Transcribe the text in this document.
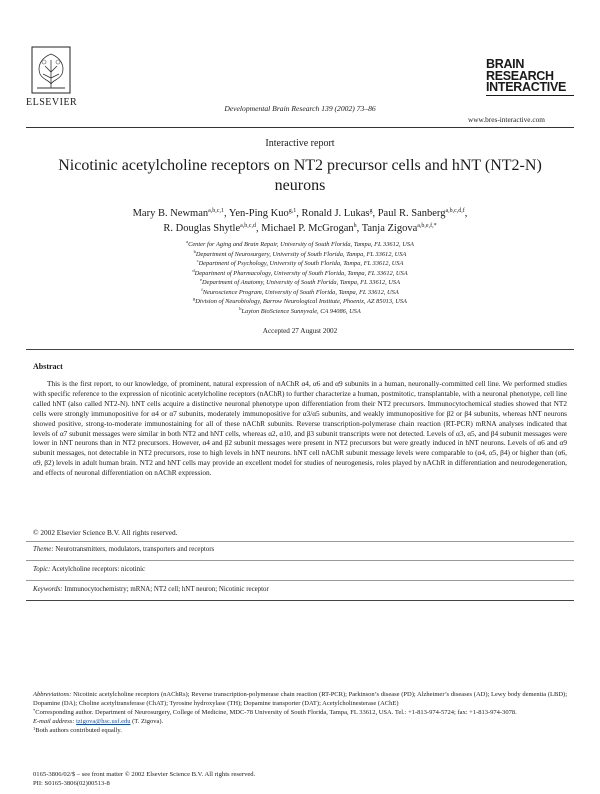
ELSEVIER
Developmental Brain Research 139 (2002) 73–86
BRAIN
RESEARCH
INTERACTIVE
www.bres-interactive.com
Interactive report
Nicotinic acetylcholine receptors on NT2 precursor cells and hNT (NT2-N) neurons
Mary B. Newman$^{a,b,c,1}$, Yen-Ping Kuo$^{g,1}$, Ronald J. Lukas$^g$, Paul R. Sanberg$^{a,b,c,d,f}$,
R. Douglas Shytle$^{a,b,c,d}$, Michael P. McGrogan$^h$, Tanja Zigova$^{a,b,e,f,*}$
$^a$Center for Aging and Brain Repair, University of South Florida, Tampa, FL 33612, USA
$^b$Department of Neurosurgery, University of South Florida, Tampa, FL 33612, USA
$^c$Department of Psychology, University of South Florida, Tampa, FL 33612, USA
$^d$Department of Pharmacology, University of South Florida, Tampa, FL 33612, USA
$^e$Department of Anatomy, University of South Florida, Tampa, FL 33612, USA
$^f$Neuroscience Program, University of South Florida, Tampa, FL 33612, USA
$^g$Division of Neurobiology, Barrow Neurological Institute, Phoenix, AZ 85013, USA
$^h$Layton BioScience Sunnyvale, CA 94086, USA
Accepted 27 August 2002
Abstract
This is the first report, to our knowledge, of prominent, natural expression of nAChR α4, α6 and α9 subunits in a human, neuronally-committed cell line. We performed studies with specific reference to the expression of nicotinic acetylcholine receptors (nAChR) to further characterize a human, postmitotic, transplantable, with a neuronal phenotype, cell line called hNT (also called NT2-N). hNT cells acquire a distinctive neuronal phenotype upon differentiation from their NT2 precursors. Immunocytochemical studies showed that NT2 cells were strongly immunopositive for α4 or α7 subunits, moderately immunopositive for α3/α5 subunits, and weakly immunopositive for β2 or β4 subunits, whereas hNT neurons showed positive, strong-to-moderate immunostaining for all of these nAChR subunits. Reverse transcription-polymerase chain reaction (RT-PCR) mRNA analyses indicated that levels of α7 subunit messages were similar in both NT2 and hNT cells, whereas α2, α10, and β3 subunit transcripts were not detected. Levels of α3, α5, and β4 subunit messages were lower in hNT neurons than in NT2 precursors. However, α4 and β2 subunit messages were present in NT2 precursors but were greatly induced in hNT neurons. Levels of α6 and α9 subunit messages, not detectable in NT2 precursors, rose to high levels in hNT neurons. hNT cell nAChR subunit message levels were comparable to (α4, α5, β4) or higher than (α6, α9, β2) levels in adult human brain. NT2 and hNT cells may provide an excellent model for studies of neurogenesis, roles played by nAChR in differentiation and neurodegeneration, and effects of neuronal differentiation on nAChR expression.
© 2002 Elsevier Science B.V. All rights reserved.
Theme: Neurotransmitters, modulators, transporters and receptors
Topic: Acetylcholine receptors: nicotinic
Keywords: Immunocytochemistry; mRNA; NT2 cell; hNT neuron; Nicotinic receptor

Abbreviations: Nicotinic acetylcholine receptors (nAChRs); Reverse transcription-polymerase chain reaction (RT-PCR); Parkinson’s disease (PD); Alzheimer’s diseases (AD); Lewy body dementia (LBD); Dopamine (DA); Choline acetyltransferase (ChAT); Tyrosine hydroxylase (TH); Dopamine transporter (DAT); Acetylcholinesterase (AChE)

*Corresponding author. Department of Neurosurgery, College of Medicine, MDC-78 University of South Florida, Tampa, FL 33612, USA. Tel.: +1-813-974-5724; fax: +1-813-974-3078.

E-mail address: tzigova@hsc.usf.edu (T. Zigova).

$^1$Both authors contributed equally.

0165-3806/02/$ – see front matter © 2002 Elsevier Science B.V. All rights reserved.
PII: S0165-3806(02)00513-8
